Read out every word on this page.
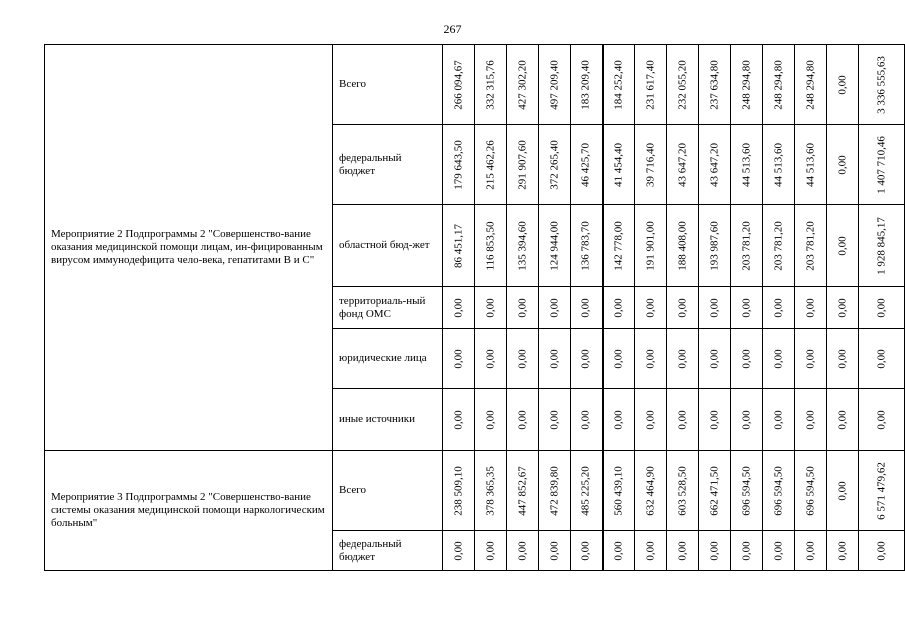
267
Мероприятие 2 Подпрограммы 2 "Совершенство-вание оказания медицинской помощи лицам, ин-фицированным вирусом иммунодефицита чело-века, гепатитами В и С"	Всего	266 094,67	332 315,76	427 302,20	497 209,40	183 209,40	184 252,40	231 617,40	232 055,20	237 634,80	248 294,80	248 294,80	248 294,80	0,00	3 336 555,63

	федеральный бюджет	179 643,50	215 462,26	291 907,60	372 265,40	46 425,70	41 454,40	39 716,40	43 647,20	43 647,20	44 513,60	44 513,60	44 513,60	0,00	1 407 710,46

	областной бюд-жет	86 451,17	116 853,50	135 394,60	124 944,00	136 783,70	142 778,00	191 901,00	188 408,00	193 987,60	203 781,20	203 781,20	203 781,20	0,00	1 928 845,17

	территориаль-ный фонд ОМС	0,00	0,00	0,00	0,00	0,00	0,00	0,00	0,00	0,00	0,00	0,00	0,00	0,00	0,00

	юридические лица	0,00	0,00	0,00	0,00	0,00	0,00	0,00	0,00	0,00	0,00	0,00	0,00	0,00	0,00

	иные источники	0,00	0,00	0,00	0,00	0,00	0,00	0,00	0,00	0,00	0,00	0,00	0,00	0,00	0,00

Мероприятие 3 Подпрограммы 2 "Совершенство-вание системы оказания медицинской помощи наркологическим больным"	Всего	238 509,10	378 365,35	447 852,67	472 839,80	485 225,20	560 439,10	632 464,90	603 528,50	662 471,50	696 594,50	696 594,50	696 594,50	0,00	6 571 479,62

	федеральный бюджет	0,00	0,00	0,00	0,00	0,00	0,00	0,00	0,00	0,00	0,00	0,00	0,00	0,00	0,00
